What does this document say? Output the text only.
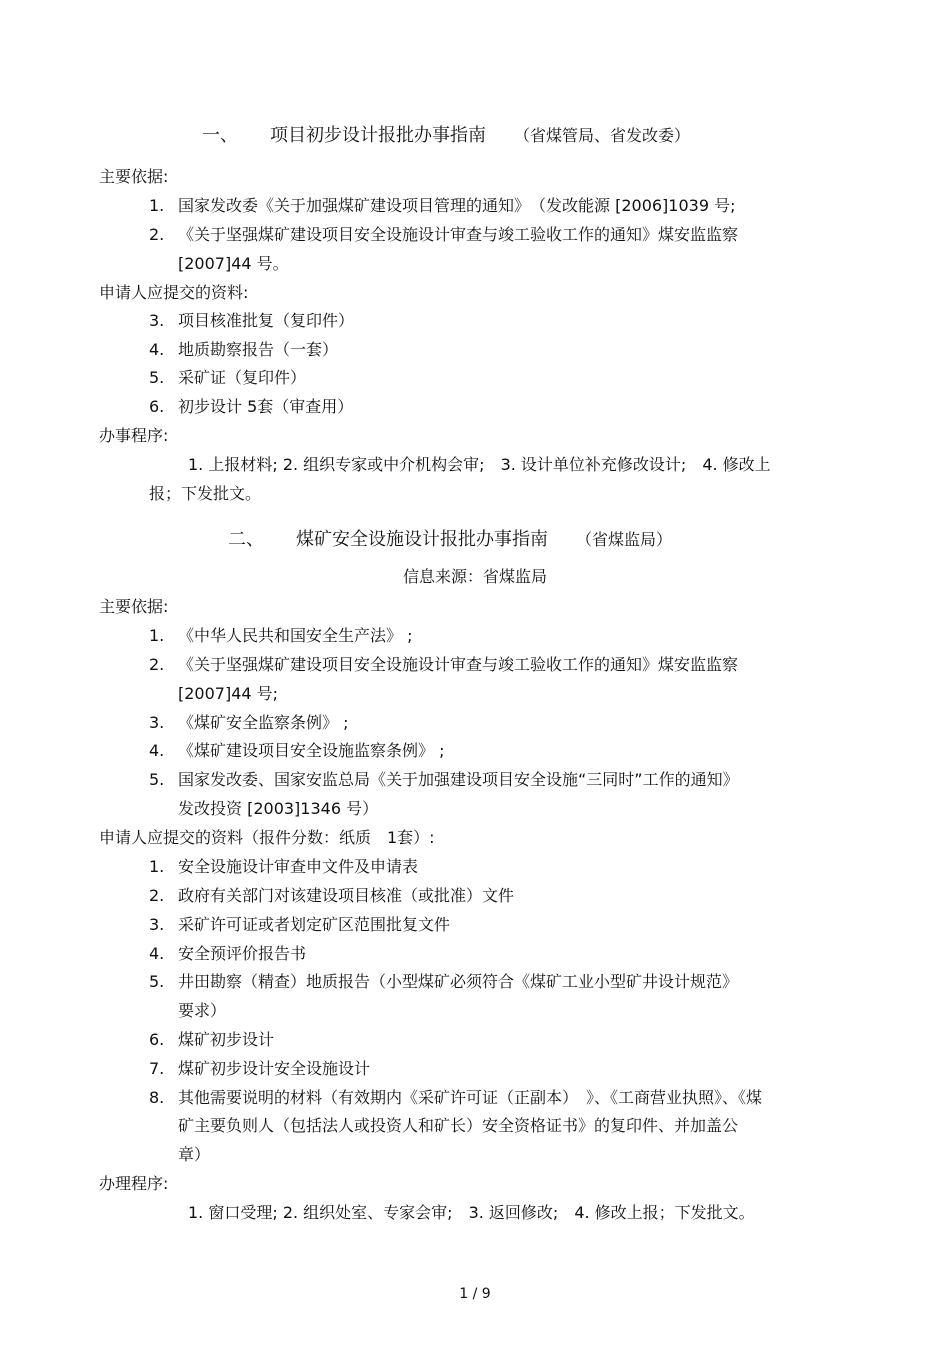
一、 项目初步设计报批办事指南 （省煤管局、省发改委）
主要依据:
1. 国家发改委《关于加强煤矿建设项目管理的通知》　（发改能源 [2006]1039 号;
2. 《关于坚强煤矿建设项目安全设施设计审查与竣工验收工作的通知》煤安监监察
[2007]44 号。
申请人应提交的资料:
3. 项目核准批复（复印件）
4. 地质勘察报告（一套）
5. 采矿证（复印件）
6. 初步设计 5套（审查用）
办事程序:
1. 上报材料; 2. 组织专家或中介机构会审;　3. 设计单位补充修改设计;　4. 修改上
报；下发批文。
二、 煤矿安全设施设计报批办事指南 （省煤监局）
信息来源：省煤监局
主要依据:
1. 《中华人民共和国安全生产法》 ;
2. 《关于坚强煤矿建设项目安全设施设计审查与竣工验收工作的通知》煤安监监察
[2007]44 号;
3. 《煤矿安全监察条例》 ;
4. 《煤矿建设项目安全设施监察条例》 ;
5. 国家发改委、国家安监总局《关于加强建设项目安全设施“三同时”工作的通知》
发改投资 [2003]1346 号）
申请人应提交的资料（报件分数：纸质　1套）:
1. 安全设施设计审查申文件及申请表
2. 政府有关部门对该建设项目核准（或批准）文件
3. 采矿许可证或者划定矿区范围批复文件
4. 安全预评价报告书
5. 井田勘察（精查）地质报告（小型煤矿必须符合《煤矿工业小型矿井设计规范》
要求）
6. 煤矿初步设计
7. 煤矿初步设计安全设施设计
8. 其他需要说明的材料（有效期内《采矿许可证（正副本）　》、《工商营业执照》、《煤
矿主要负则人（包括法人或投资人和矿长）安全资格证书》的复印件、并加盖公
章）
办理程序:
1. 窗口受理; 2. 组织处室、专家会审;　3. 返回修改;　4. 修改上报；下发批文。
1 / 9
